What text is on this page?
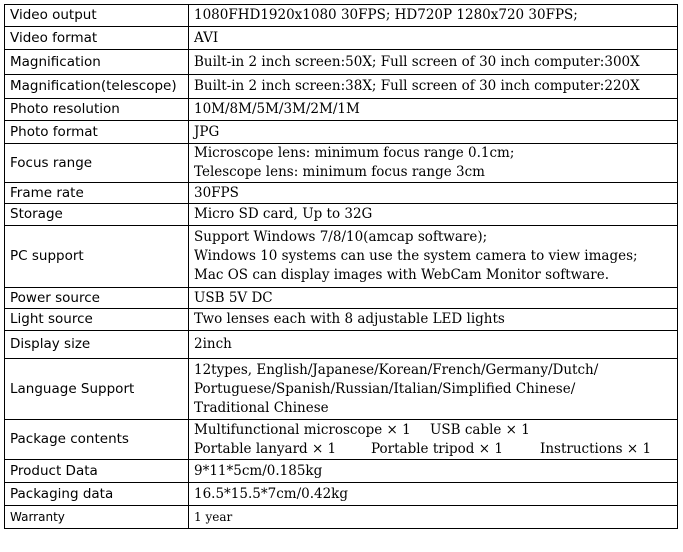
Video output	1080FHD1920x1080 30FPS; HD720P 1280x720 30FPS;

Video format	AVI

Magnification	Built-in 2 inch screen:50X; Full screen of 30 inch computer:300X

Magnification(telescope)	Built-in 2 inch screen:38X; Full screen of 30 inch computer:220X

Photo resolution	10M/8M/5M/3M/2M/1M

Photo format	JPG

Focus range	Microscope lens: minimum focus range 0.1cm;
Telescope lens: minimum focus range 3cm

Frame rate	30FPS

Storage	Micro SD card, Up to 32G

PC support	Support Windows 7/8/10(amcap software);
Windows 10 systems can use the system camera to view images;
Mac OS can display images with WebCam Monitor software.

Power source	USB 5V DC

Light source	Two lenses each with 8 adjustable LED lights

Display size	2inch

Language Support	12types, English/Japanese/Korean/French/Germany/Dutch/
Portuguese/Spanish/Russian/Italian/Simplified Chinese/
Traditional Chinese

Package contents	Multifunctional microscope × 1 USB cable × 1
Portable lanyard × 1 Portable tripod × 1 Instructions × 1

Product Data	9*11*5cm/0.185kg

Packaging data	16.5*15.5*7cm/0.42kg

Warranty	1 year
